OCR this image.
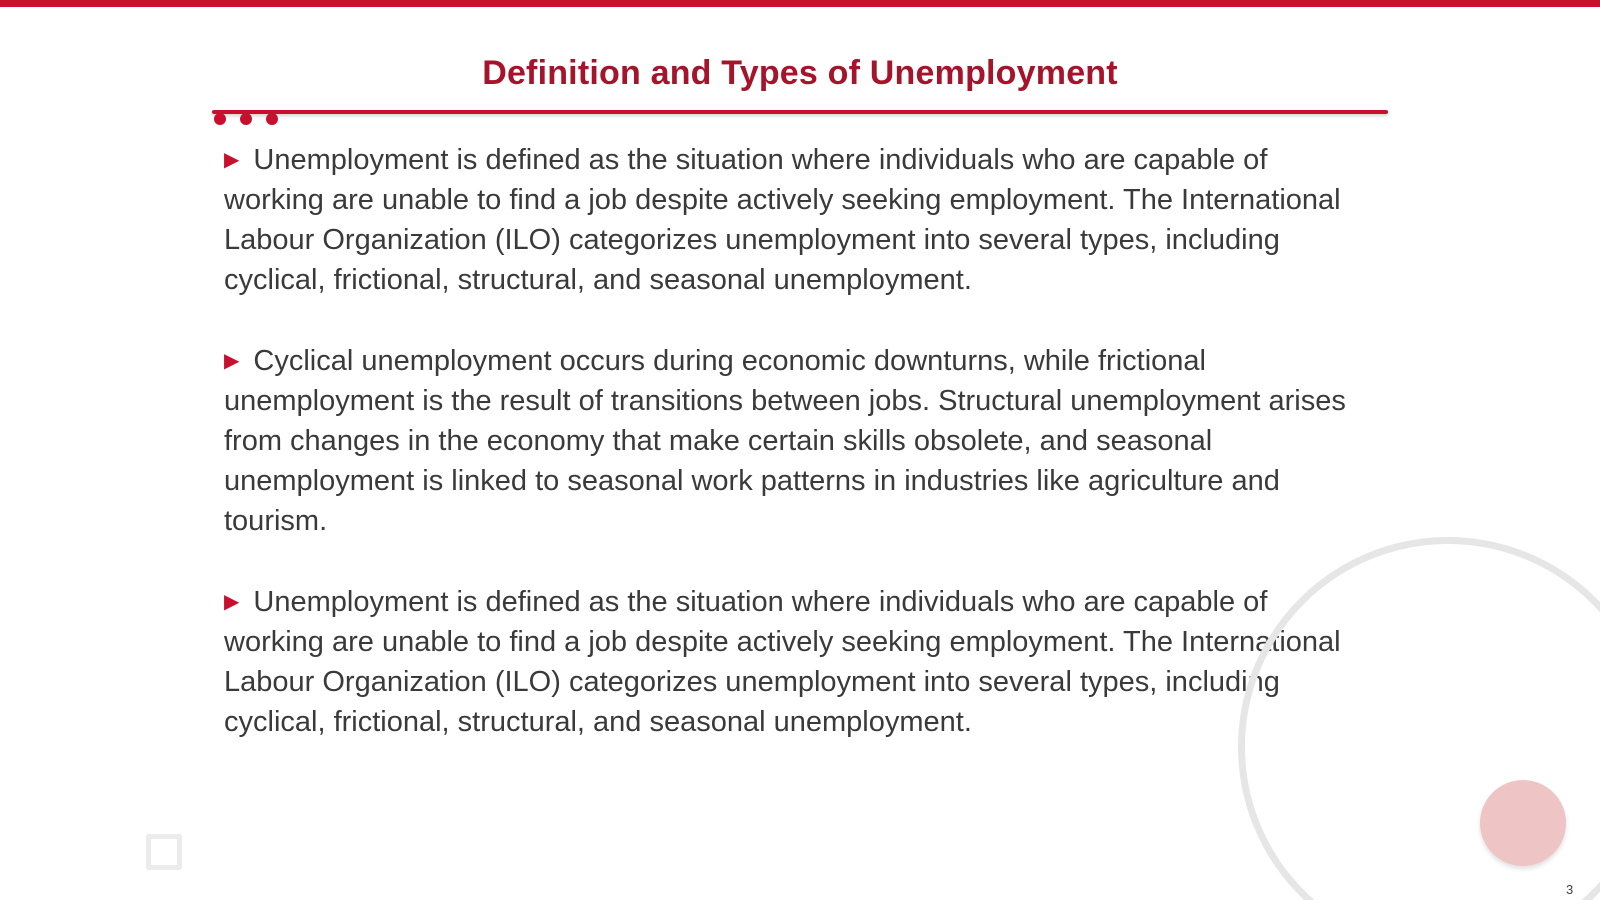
Definition and Types of Unemployment

▶ Unemployment is defined as the situation where individuals who are capable of working are unable to find a job despite actively seeking employment. The International Labour Organization (ILO) categorizes unemployment into several types, including cyclical, frictional, structural, and seasonal unemployment.

▶ Cyclical unemployment occurs during economic downturns, while frictional unemployment is the result of transitions between jobs. Structural unemployment arises from changes in the economy that make certain skills obsolete, and seasonal unemployment is linked to seasonal work patterns in industries like agriculture and tourism.

▶ Unemployment is defined as the situation where individuals who are capable of working are unable to find a job despite actively seeking employment. The International Labour Organization (ILO) categorizes unemployment into several types, including cyclical, frictional, structural, and seasonal unemployment.

3
